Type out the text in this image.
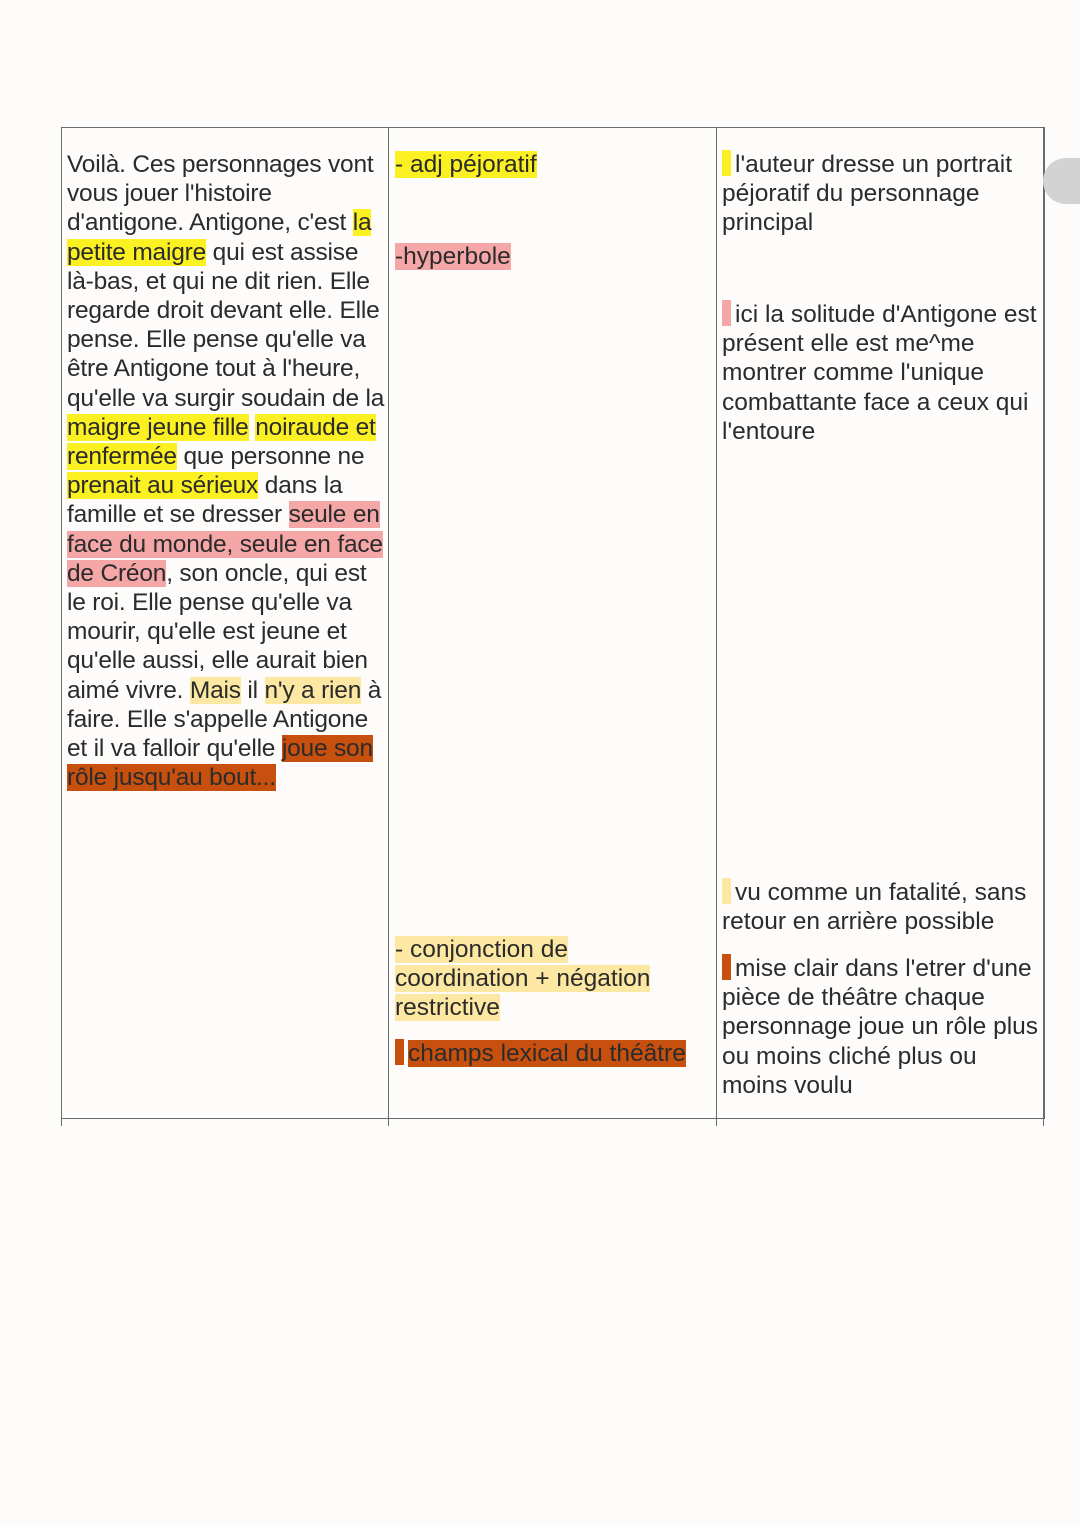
Voilà. Ces personnages vont vous jouer l'histoire d'antigone. Antigone, c'est la petite maigre qui est assise là-bas, et qui ne dit rien. Elle regarde droit devant elle. Elle pense. Elle pense qu'elle va être Antigone tout à l'heure, qu'elle va surgir soudain de la maigre jeune fille noiraude et renfermée que personne ne prenait au sérieux dans la famille et se dresser seule en face du monde, seule en face de Créon, son oncle, qui est le roi. Elle pense qu'elle va mourir, qu'elle est jeune et qu'elle aussi, elle aurait bien aimé vivre. Mais il n'y a rien à faire. Elle s'appelle Antigone et il va falloir qu'elle joue son rôle jusqu'au bout...
- adj péjoratif
-hyperbole
- conjonction de coordination + négation restrictive
champs lexical du théâtre
l'auteur dresse un portrait péjoratif du personnage principal
ici la solitude d'Antigone est présent elle est me^me montrer comme l'unique combattante face a ceux qui l'entoure
vu comme un fatalité, sans retour en arrière possible
mise clair dans l'etrer d'une pièce de théâtre chaque personnage joue un rôle plus ou moins cliché plus ou moins voulu
